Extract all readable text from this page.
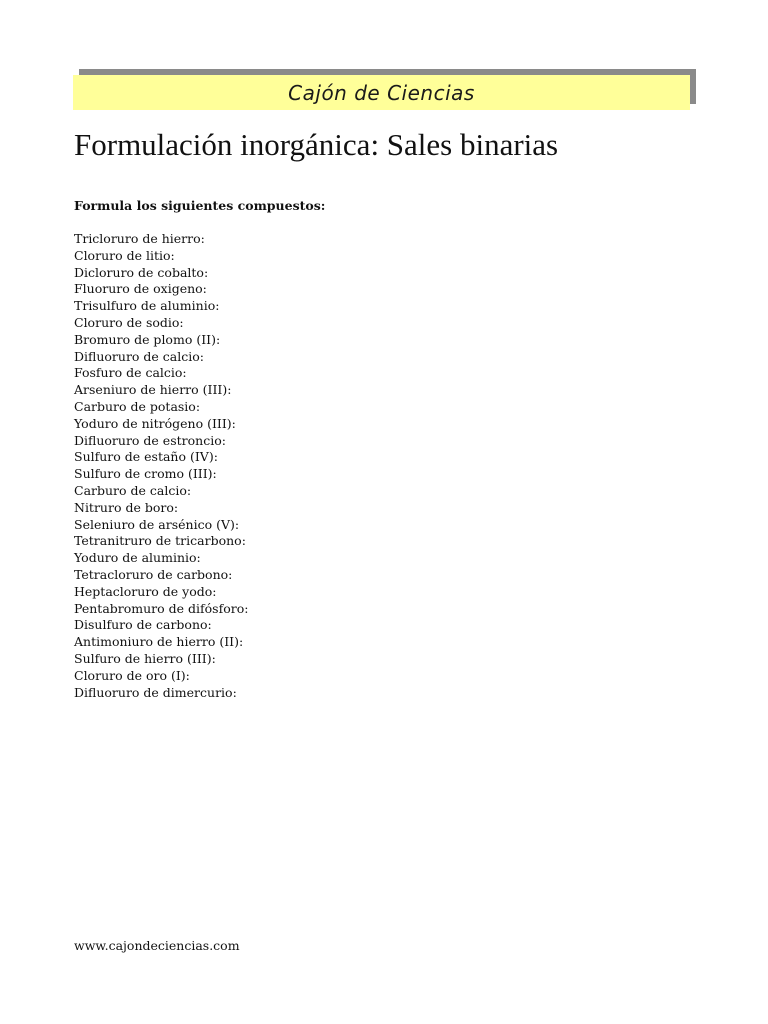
Cajón de Ciencias
Formulación inorgánica: Sales binarias
Formula los siguientes compuestos:
Tricloruro de hierro:
Cloruro de litio:
Dicloruro de cobalto:
Fluoruro de oxigeno:
Trisulfuro de aluminio:
Cloruro de sodio:
Bromuro de plomo (II):
Difluoruro de calcio:
Fosfuro de calcio:
Arseniuro de hierro (III):
Carburo de potasio:
Yoduro de nitrógeno (III):
Difluoruro de estroncio:
Sulfuro de estaño (IV):
Sulfuro de cromo (III):
Carburo de calcio:
Nitruro de boro:
Seleniuro de arsénico (V):
Tetranitruro de tricarbono:
Yoduro de aluminio:
Tetracloruro de carbono:
Heptacloruro de yodo:
Pentabromuro de difósforo:
Disulfuro de carbono:
Antimoniuro de hierro (II):
Sulfuro de hierro (III):
Cloruro de oro (I):
Difluoruro de dimercurio:
www.cajondeciencias.com
